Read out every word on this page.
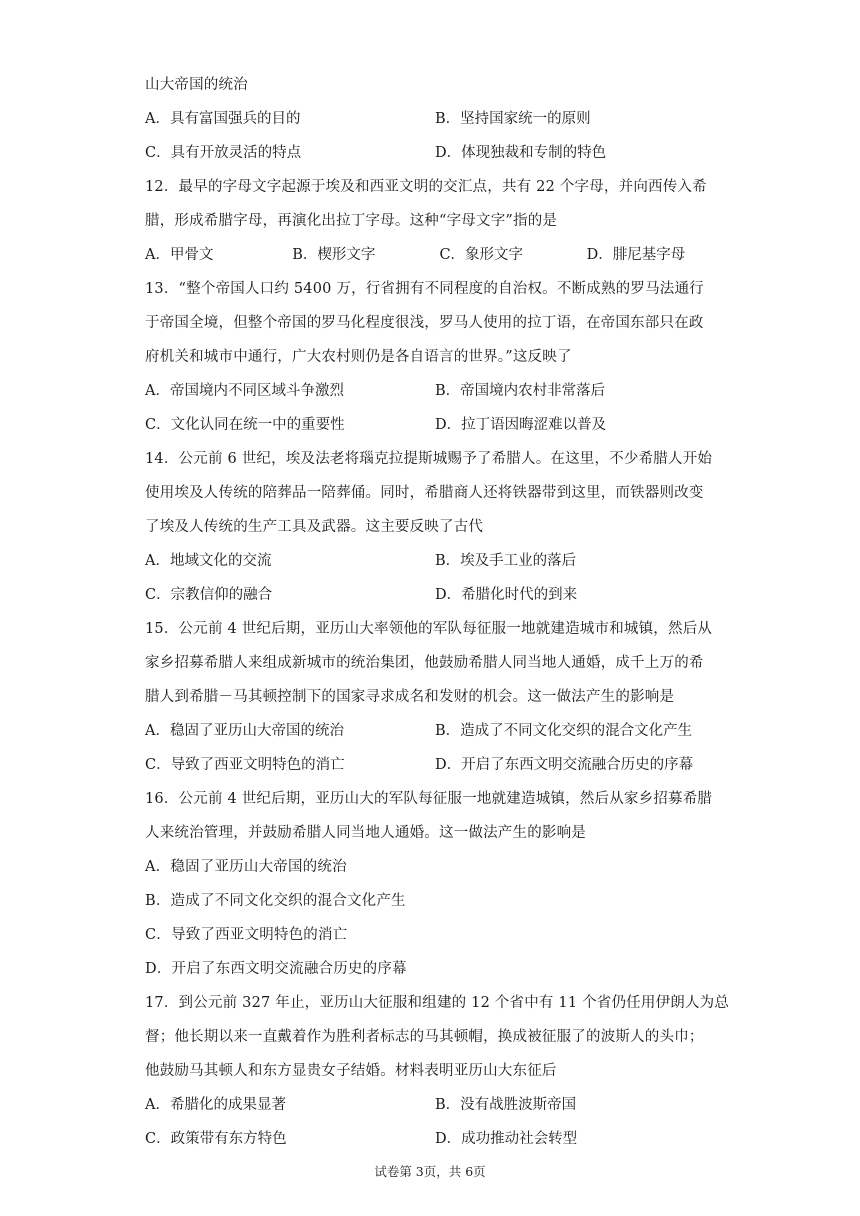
山大帝国的统治
A．具有富国强兵的目的	B．坚持国家统一的原则
C．具有开放灵活的特点	D．体现独裁和专制的特色
12．最早的字母文字起源于埃及和西亚文明的交汇点，共有 22 个字母，并向西传入希
腊，形成希腊字母，再演化出拉丁字母。这种“字母文字”指的是
A．甲骨文	B．楔形文字	C．象形文字	D．腓尼基字母
13．“整个帝国人口约 5400 万，行省拥有不同程度的自治权。不断成熟的罗马法通行
于帝国全境，但整个帝国的罗马化程度很浅，罗马人使用的拉丁语，在帝国东部只在政
府机关和城市中通行，广大农村则仍是各自语言的世界。”这反映了
A．帝国境内不同区域斗争激烈	B．帝国境内农村非常落后
C．文化认同在统一中的重要性	D．拉丁语因晦涩难以普及
14．公元前 6 世纪，埃及法老将瑙克拉提斯城赐予了希腊人。在这里，不少希腊人开始
使用埃及人传统的陪葬品一陪葬俑。同时，希腊商人还将铁器带到这里，而铁器则改变
了埃及人传统的生产工具及武器。这主要反映了古代
A．地域文化的交流	B．埃及手工业的落后
C．宗教信仰的融合	D．希腊化时代的到来
15．公元前 4 世纪后期，亚历山大率领他的军队每征服一地就建造城市和城镇，然后从
家乡招募希腊人来组成新城市的统治集团，他鼓励希腊人同当地人通婚，成千上万的希
腊人到希腊－马其顿控制下的国家寻求成名和发财的机会。这一做法产生的影响是
A．稳固了亚历山大帝国的统治	B．造成了不同文化交织的混合文化产生
C．导致了西亚文明特色的消亡	D．开启了东西文明交流融合历史的序幕
16．公元前 4 世纪后期，亚历山大的军队每征服一地就建造城镇，然后从家乡招募希腊
人来统治管理，并鼓励希腊人同当地人通婚。这一做法产生的影响是
A．稳固了亚历山大帝国的统治
B．造成了不同文化交织的混合文化产生
C．导致了西亚文明特色的消亡
D．开启了东西文明交流融合历史的序幕
17．到公元前 327 年止，亚历山大征服和组建的 12 个省中有 11 个省仍任用伊朗人为总
督；他长期以来一直戴着作为胜利者标志的马其顿帽，换成被征服了的波斯人的头巾；
他鼓励马其顿人和东方显贵女子结婚。材料表明亚历山大东征后
A．希腊化的成果显著	B．没有战胜波斯帝国
C．政策带有东方特色	D．成功推动社会转型
试卷第 3页，共 6页
